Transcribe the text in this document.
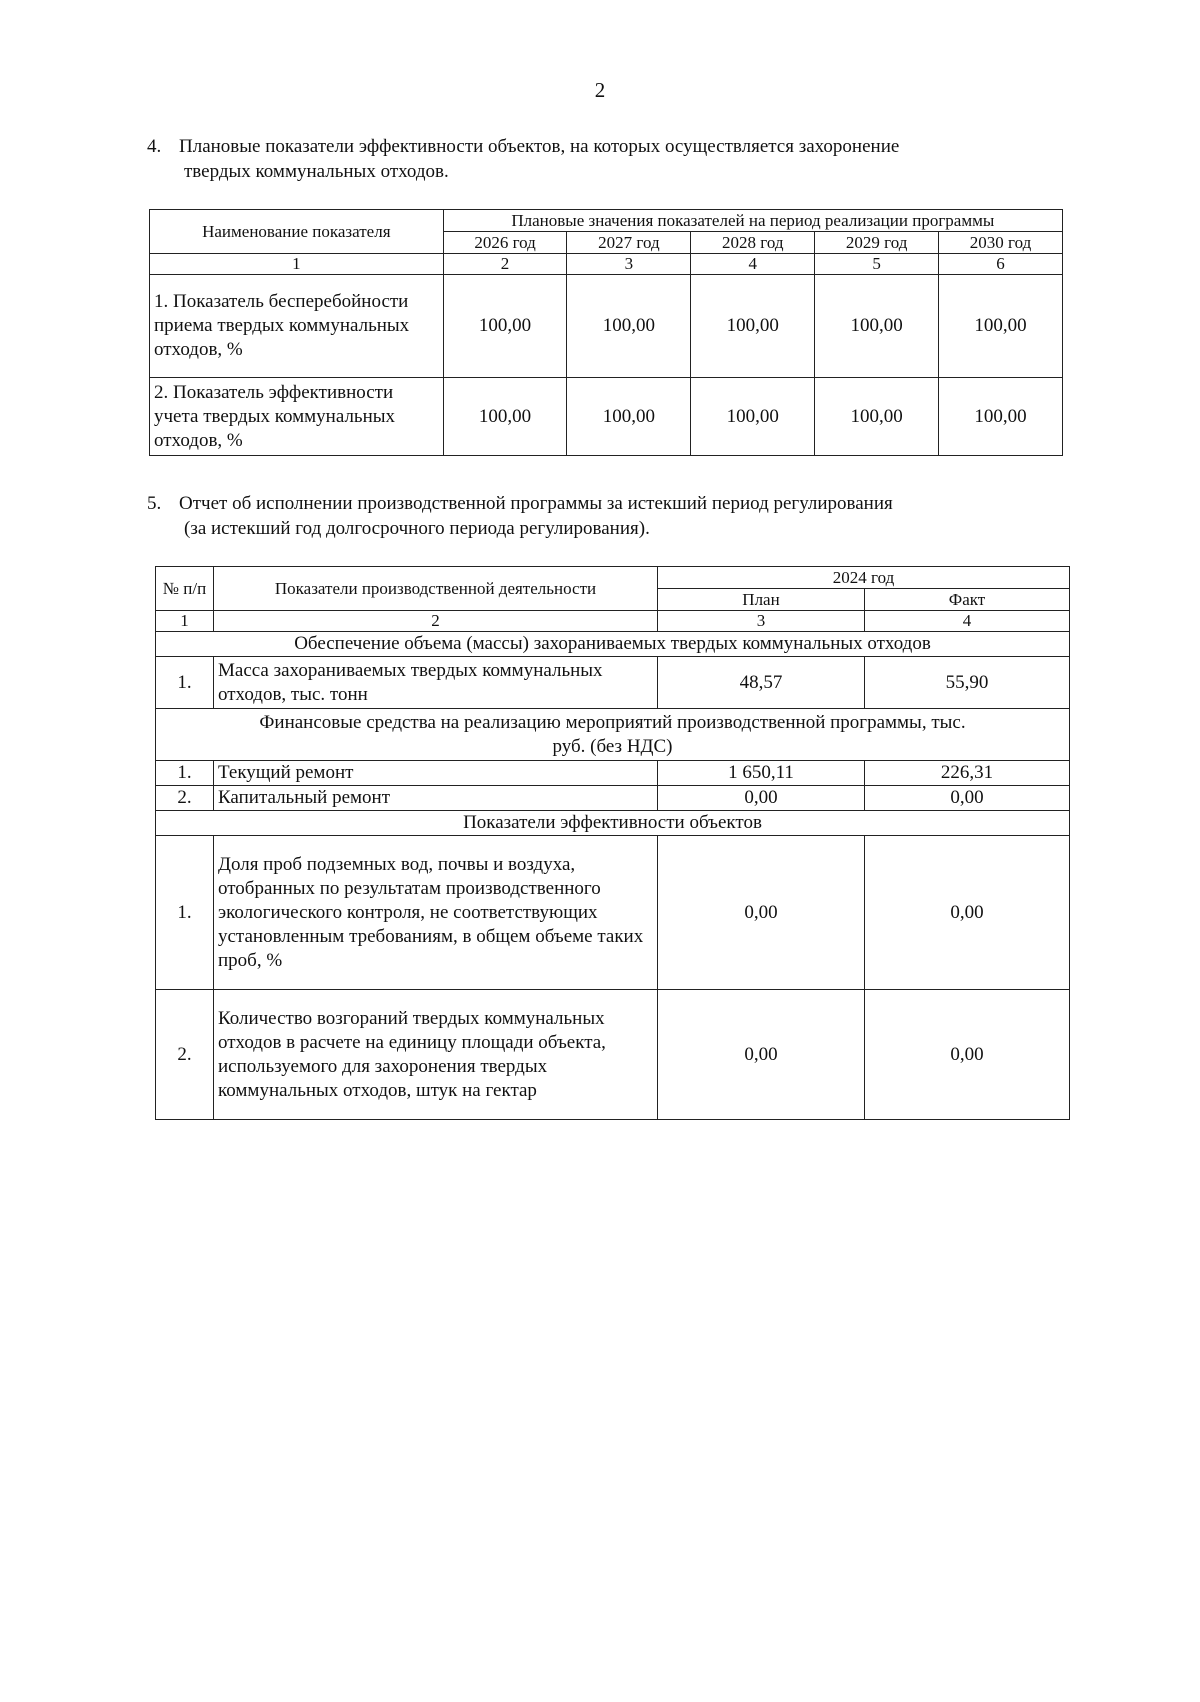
2
4. Плановые показатели эффективности объектов, на которых осуществляется захоронение
твердых коммунальных отходов.
Наименование показателя	Плановые значения показателей на период реализации программы				
	2026 год	2027 год	2028 год	2029 год	2030 год
1	2	3	4	5	6
1. Показатель бесперебойности приема твердых коммунальных отходов, %	100,00	100,00	100,00	100,00	100,00
2. Показатель эффективности учета твердых коммунальных отходов, %	100,00	100,00	100,00	100,00	100,00
5. Отчет об исполнении производственной программы за истекший период регулирования
(за истекший год долгосрочного периода регулирования).
№ п/п	Показатели производственной деятельности	2024 год	
		План	Факт
1	2	3	4
Обеспечение объема (массы) захораниваемых твердых коммунальных отходов			
1.	Масса захораниваемых твердых коммунальных отходов, тыс. тонн	48,57	55,90
Финансовые средства на реализацию мероприятий производственной программы, тыс. руб. (без НДС)			
1.	Текущий ремонт	1 650,11	226,31
2.	Капитальный ремонт	0,00	0,00
Показатели эффективности объектов			
1.	Доля проб подземных вод, почвы и воздуха, отобранных по результатам производственного экологического контроля, не соответствующих установленным требованиям, в общем объеме таких проб, %	0,00	0,00
2.	Количество возгораний твердых коммунальных отходов в расчете на единицу площади объекта, используемого для захоронения твердых коммунальных отходов, штук на гектар	0,00	0,00
